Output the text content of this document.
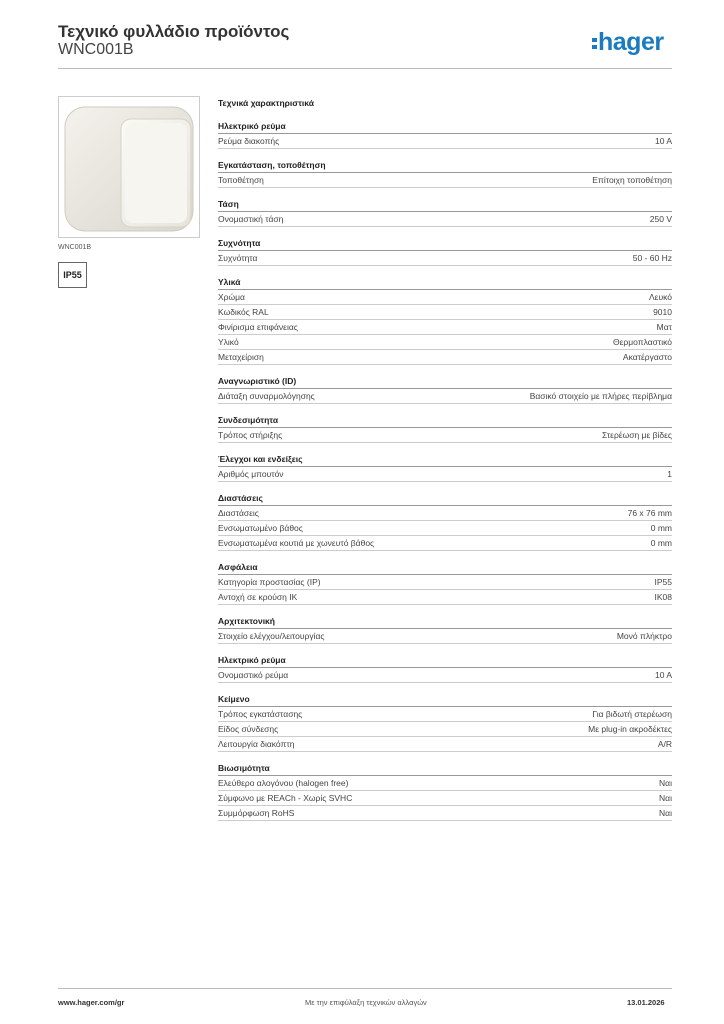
Τεχνικό φυλλάδιο προϊόντος
WNC001B	hager
WNC001B
IP55
Τεχνικά χαρακτηριστικά
Ηλεκτρικό ρεύμα
Ρεύμα διακοπής	10 A
Εγκατάσταση, τοποθέτηση
Τοποθέτηση	Επίτοιχη τοποθέτηση
Τάση
Ονομαστική τάση	250 V
Συχνότητα
Συχνότητα	50 - 60 Hz
Υλικά
Χρώμα	Λευκό
Κωδικός RAL	9010
Φινίρισμα επιφάνειας	Ματ
Υλικό	Θερμοπλαστικό
Μεταχείριση	Ακατέργαστο
Αναγνωριστικό (ID)
Διάταξη συναρμολόγησης	Βασικό στοιχείο με πλήρες περίβλημα
Συνδεσιμότητα
Τρόπος στήριξης	Στερέωση με βίδες
Έλεγχοι και ενδείξεις
Αριθμός μπουτόν	1
Διαστάσεις
Διαστάσεις	76 x 76 mm
Ενσωματωμένο βάθος	0 mm
Ενσωματωμένα κουτιά με χωνευτό βάθος	0 mm
Ασφάλεια
Κατηγορία προστασίας (IP)	IP55
Αντοχή σε κρούση IK	IK08
Αρχιτεκτονική
Στοιχείο ελέγχου/λειτουργίας	Μονό πλήκτρο
Ηλεκτρικό ρεύμα
Ονομαστικό ρεύμα	10 A
Κείμενο
Τρόπος εγκατάστασης	Για βιδωτή στερέωση
Είδος σύνδεσης	Με plug-in ακροδέκτες
Λειτουργία διακόπτη	A/R
Βιωσιμότητα
Ελεύθερο αλογόνου (halogen free)	Ναι
Σύμφωνο με REACh - Χωρίς SVHC	Ναι
Συμμόρφωση RoHS	Ναι
www.hager.com/gr	Με την επιφύλαξη τεχνικών αλλαγών	13.01.2026
